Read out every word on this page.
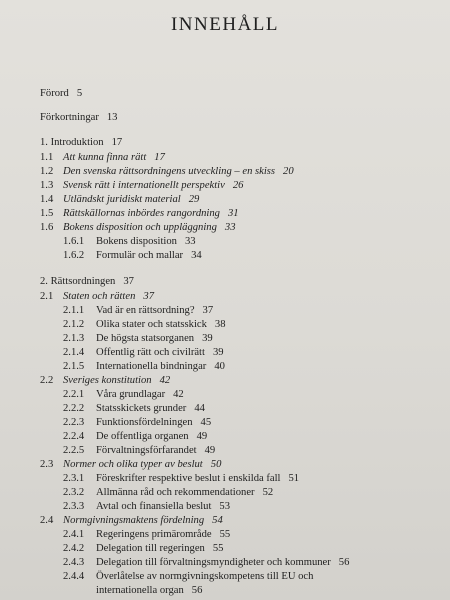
INNEHÅLL
Förord 5
Förkortningar 13
1. Introduktion 17
1.1 Att kunna finna rätt 17
1.2 Den svenska rättsordningens utveckling – en skiss 20
1.3 Svensk rätt i internationellt perspektiv 26
1.4 Utländskt juridiskt material 29
1.5 Rättskällornas inbördes rangordning 31
1.6 Bokens disposition och uppläggning 33
1.6.1 Bokens disposition 33
1.6.2 Formulär och mallar 34
2. Rättsordningen 37
2.1 Staten och rätten 37
2.1.1 Vad är en rättsordning? 37
2.1.2 Olika stater och statsskick 38
2.1.3 De högsta statsorganen 39
2.1.4 Offentlig rätt och civilrätt 39
2.1.5 Internationella bindningar 40
2.2 Sveriges konstitution 42
2.2.1 Våra grundlagar 42
2.2.2 Statsskickets grunder 44
2.2.3 Funktionsfördelningen 45
2.2.4 De offentliga organen 49
2.2.5 Förvaltningsförfarandet 49
2.3 Normer och olika typer av beslut 50
2.3.1 Föreskrifter respektive beslut i enskilda fall 51
2.3.2 Allmänna råd och rekommendationer 52
2.3.3 Avtal och finansiella beslut 53
2.4 Normgivningsmaktens fördelning 54
2.4.1 Regeringens primärområde 55
2.4.2 Delegation till regeringen 55
2.4.3 Delegation till förvaltningsmyndigheter och kommuner 56
2.4.4 Överlåtelse av normgivningskompetens till EU och
internationella organ 56
